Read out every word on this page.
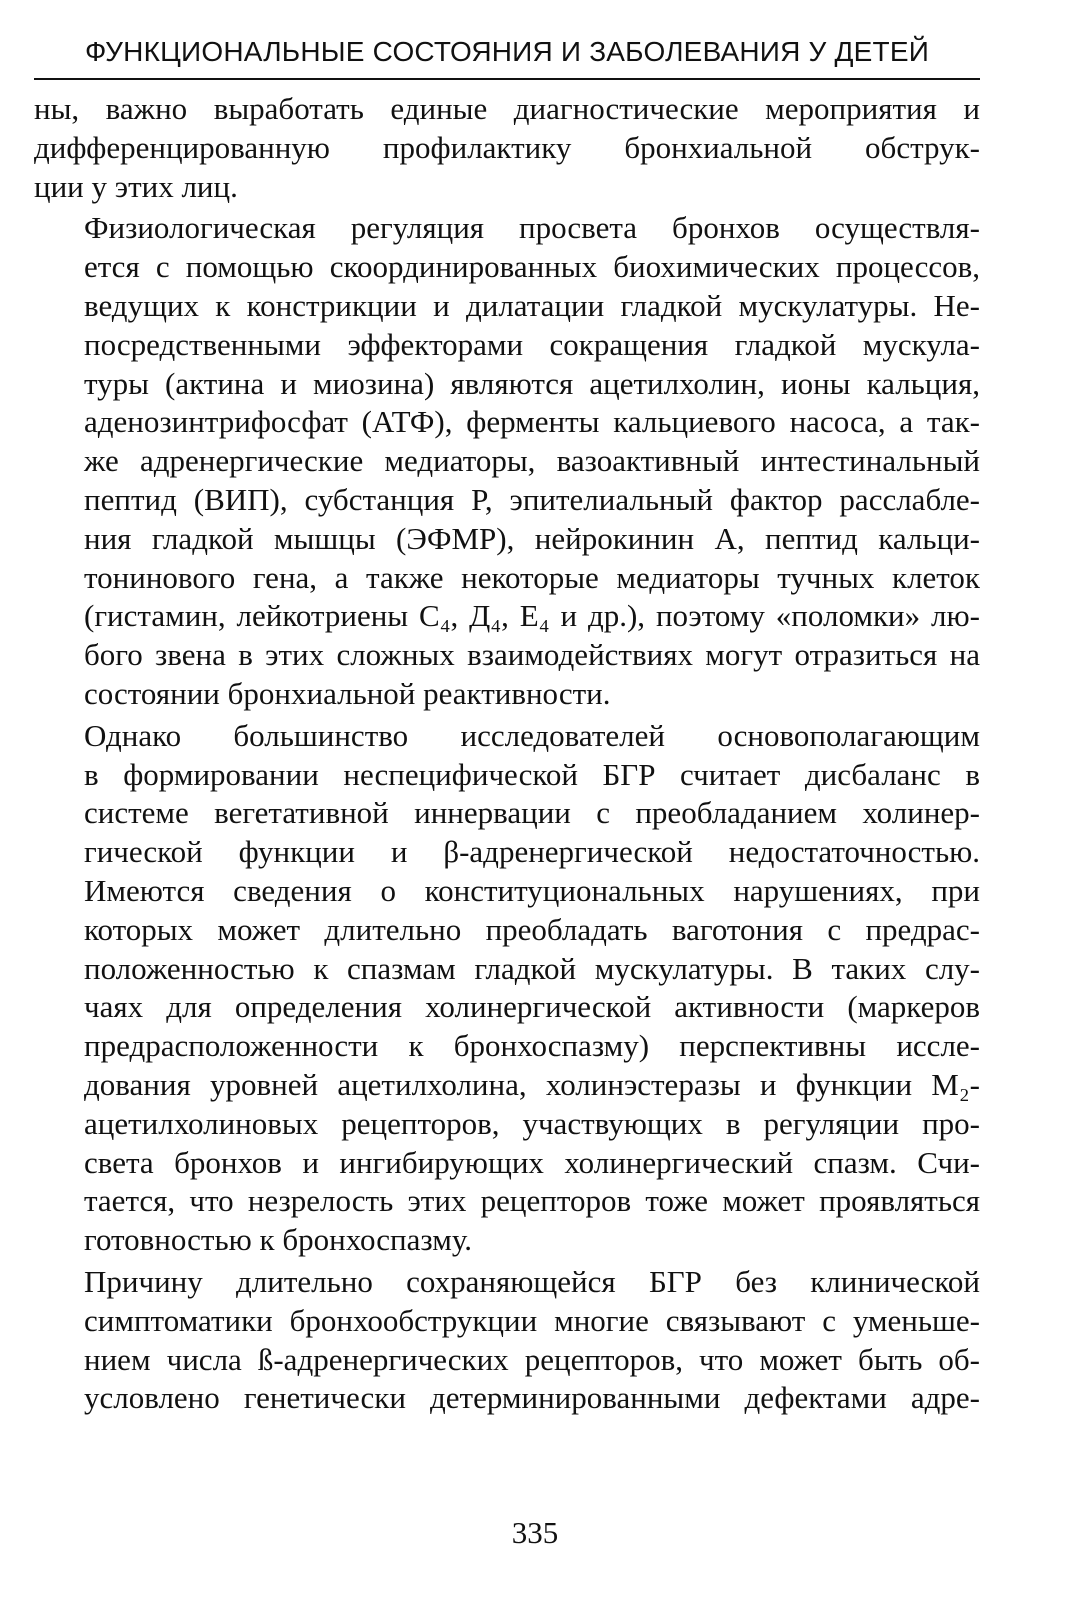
ФУНКЦИОНАЛЬНЫЕ СОСТОЯНИЯ И ЗАБОЛЕВАНИЯ У ДЕТЕЙ

ны, важно выработать единые диагностические мероприятия и
дифференцированную профилактику бронхиальной обструк-
ции у этих лиц.

Физиологическая регуляция просвета бронхов осуществля-
ется с помощью скоординированных биохимических процессов,
ведущих к констрикции и дилатации гладкой мускулатуры. Не-
посредственными эффекторами сокращения гладкой мускула-
туры (актина и миозина) являются ацетилхолин, ионы кальция,
аденозинтрифосфат (АТФ), ферменты кальциевого насоса, а так-
же адренергические медиаторы, вазоактивный интестинальный
пептид (ВИП), субстанция P, эпителиальный фактор расслабле-
ния гладкой мышцы (ЭФМР), нейрокинин А, пептид кальци-
тонинового гена, а также некоторые медиаторы тучных клеток
(гистамин, лейкотриены C₄, Д₄, E₄ и др.), поэтому «поломки» лю-
бого звена в этих сложных взаимодействиях могут отразиться на
состоянии бронхиальной реактивности.

Однако большинство исследователей основополагающим
в формировании неспецифической БГР считает дисбаланс в
системе вегетативной иннервации с преобладанием холинер-
гической функции и β-адренергической недостаточностью.
Имеются сведения о конституциональных нарушениях, при
которых может длительно преобладать ваготония с предрас-
положенностью к спазмам гладкой мускулатуры. В таких слу-
чаях для определения холинергической активности (маркеров
предрасположенности к бронхоспазму) перспективны иссле-
дования уровней ацетилхолина, холинэстеразы и функции M₂-
ацетилхолиновых рецепторов, участвующих в регуляции про-
света бронхов и ингибирующих холинергический спазм. Счи-
тается, что незрелость этих рецепторов тоже может проявляться
готовностью к бронхоспазму.

Причину длительно сохраняющейся БГР без клинической
симптоматики бронхообструкции многие связывают с уменьше-
нием числа ß-адренергических рецепторов, что может быть об-
условлено генетически детерминированными дефектами адре-

335
